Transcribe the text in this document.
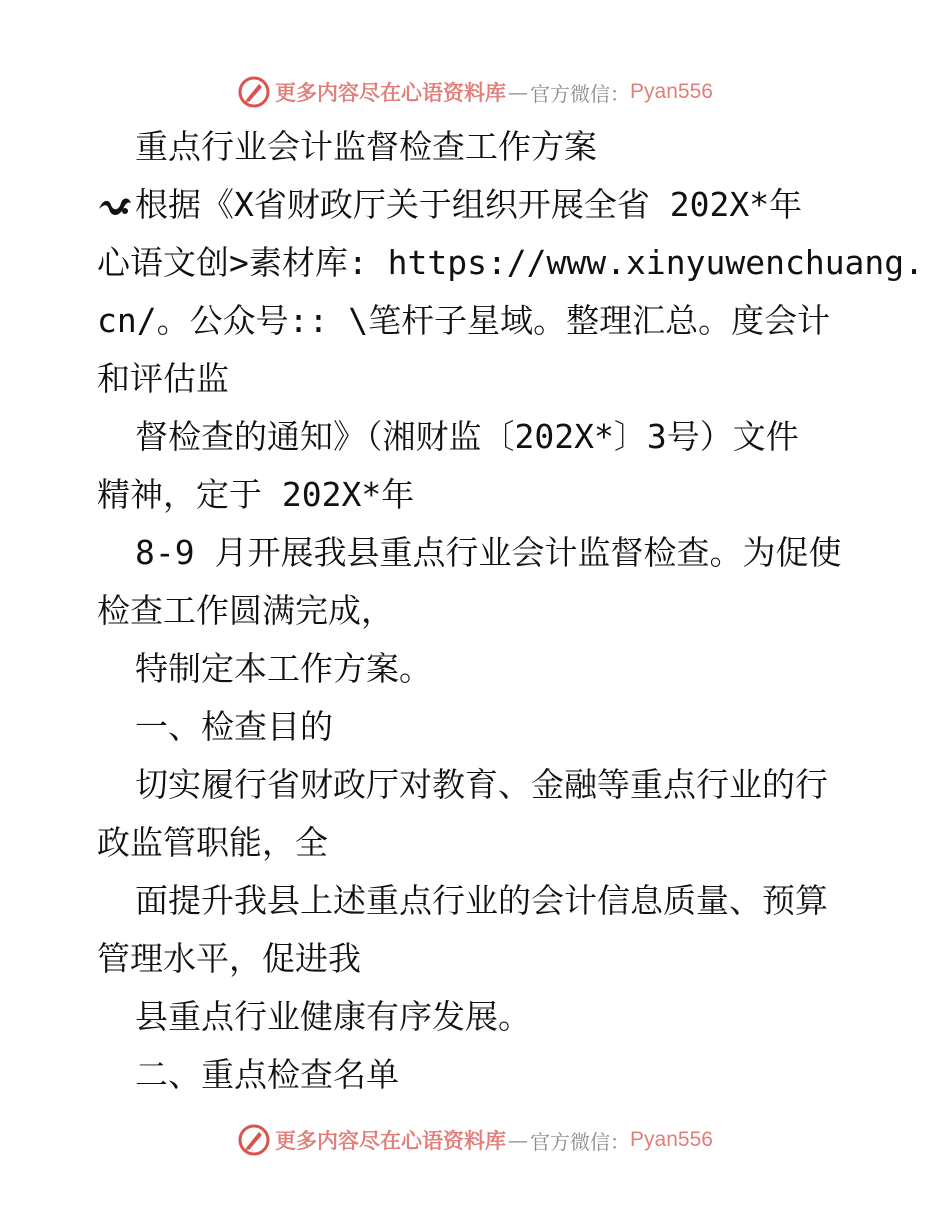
更多内容尽在心语资料库 — 官方微信： Pyan556
重点行业会计监督检查工作方案
根据《X省财政厅关于组织开展全省 202X*年
心语文创>素材库: https://www.xinyuwenchuang.
cn/。公众号:: \笔杆子星域。整理汇总。度会计
和评估监
督检查的通知》（湘财监〔202X*〕3号）文件
精神，定于 202X*年
8-9 月开展我县重点行业会计监督检查。为促使
检查工作圆满完成，
特制定本工作方案。
一、检查目的
切实履行省财政厅对教育、金融等重点行业的行
政监管职能，全
面提升我县上述重点行业的会计信息质量、预算
管理水平，促进我
县重点行业健康有序发展。
二、重点检查名单
更多内容尽在心语资料库 — 官方微信： Pyan556
